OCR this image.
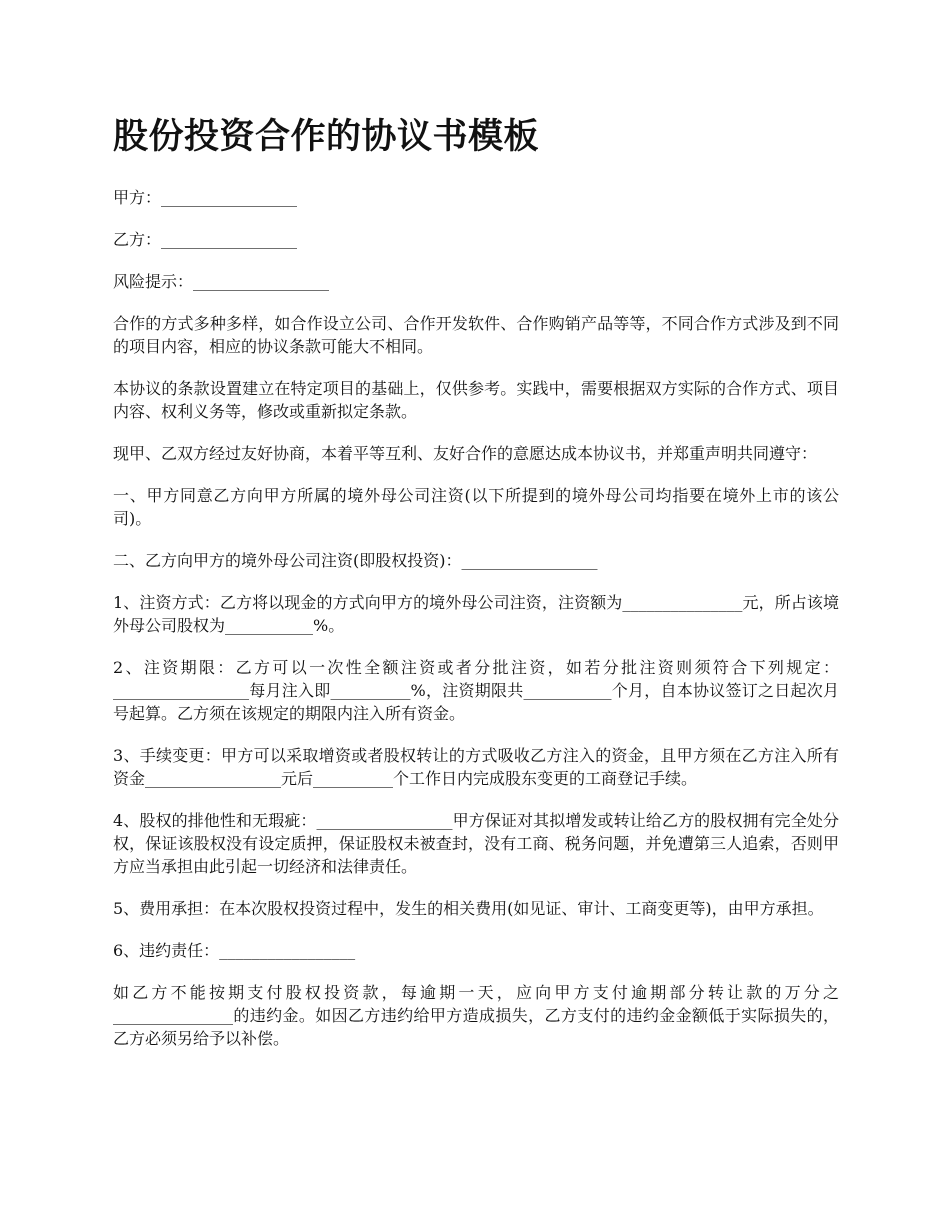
股份投资合作的协议书模板

甲方：_________________

乙方：_________________

风险提示：_________________

合作的方式多种多样，如合作设立公司、合作开发软件、合作购销产品等等，不同合作方式涉及到不同的项目内容，相应的协议条款可能大不相同。

本协议的条款设置建立在特定项目的基础上，仅供参考。实践中，需要根据双方实际的合作方式、项目内容、权利义务等，修改或重新拟定条款。

现甲、乙双方经过友好协商，本着平等互利、友好合作的意愿达成本协议书，并郑重声明共同遵守：

一、甲方同意乙方向甲方所属的境外母公司注资(以下所提到的境外母公司均指要在境外上市的该公司)。

二、乙方向甲方的境外母公司注资(即股权投资)：_________________

1、注资方式：乙方将以现金的方式向甲方的境外母公司注资，注资额为_______________元，所占该境外母公司股权为___________%。

2、注资期限：乙方可以一次性全额注资或者分批注资，如若分批注资则须符合下列规定：_________________每月注入即__________%，注资期限共___________个月，自本协议签订之日起次月号起算。乙方须在该规定的期限内注入所有资金。

3、手续变更：甲方可以采取增资或者股权转让的方式吸收乙方注入的资金，且甲方须在乙方注入所有资金_________________元后__________个工作日内完成股东变更的工商登记手续。

4、股权的排他性和无瑕疵：_________________甲方保证对其拟增发或转让给乙方的股权拥有完全处分权，保证该股权没有设定质押，保证股权未被查封，没有工商、税务问题，并免遭第三人追索，否则甲方应当承担由此引起一切经济和法律责任。

5、费用承担：在本次股权投资过程中，发生的相关费用(如见证、审计、工商变更等)，由甲方承担。

6、违约责任：_________________

如乙方不能按期支付股权投资款，每逾期一天，应向甲方支付逾期部分转让款的万分之_______________的违约金。如因乙方违约给甲方造成损失，乙方支付的违约金金额低于实际损失的，乙方必须另给予以补偿。
